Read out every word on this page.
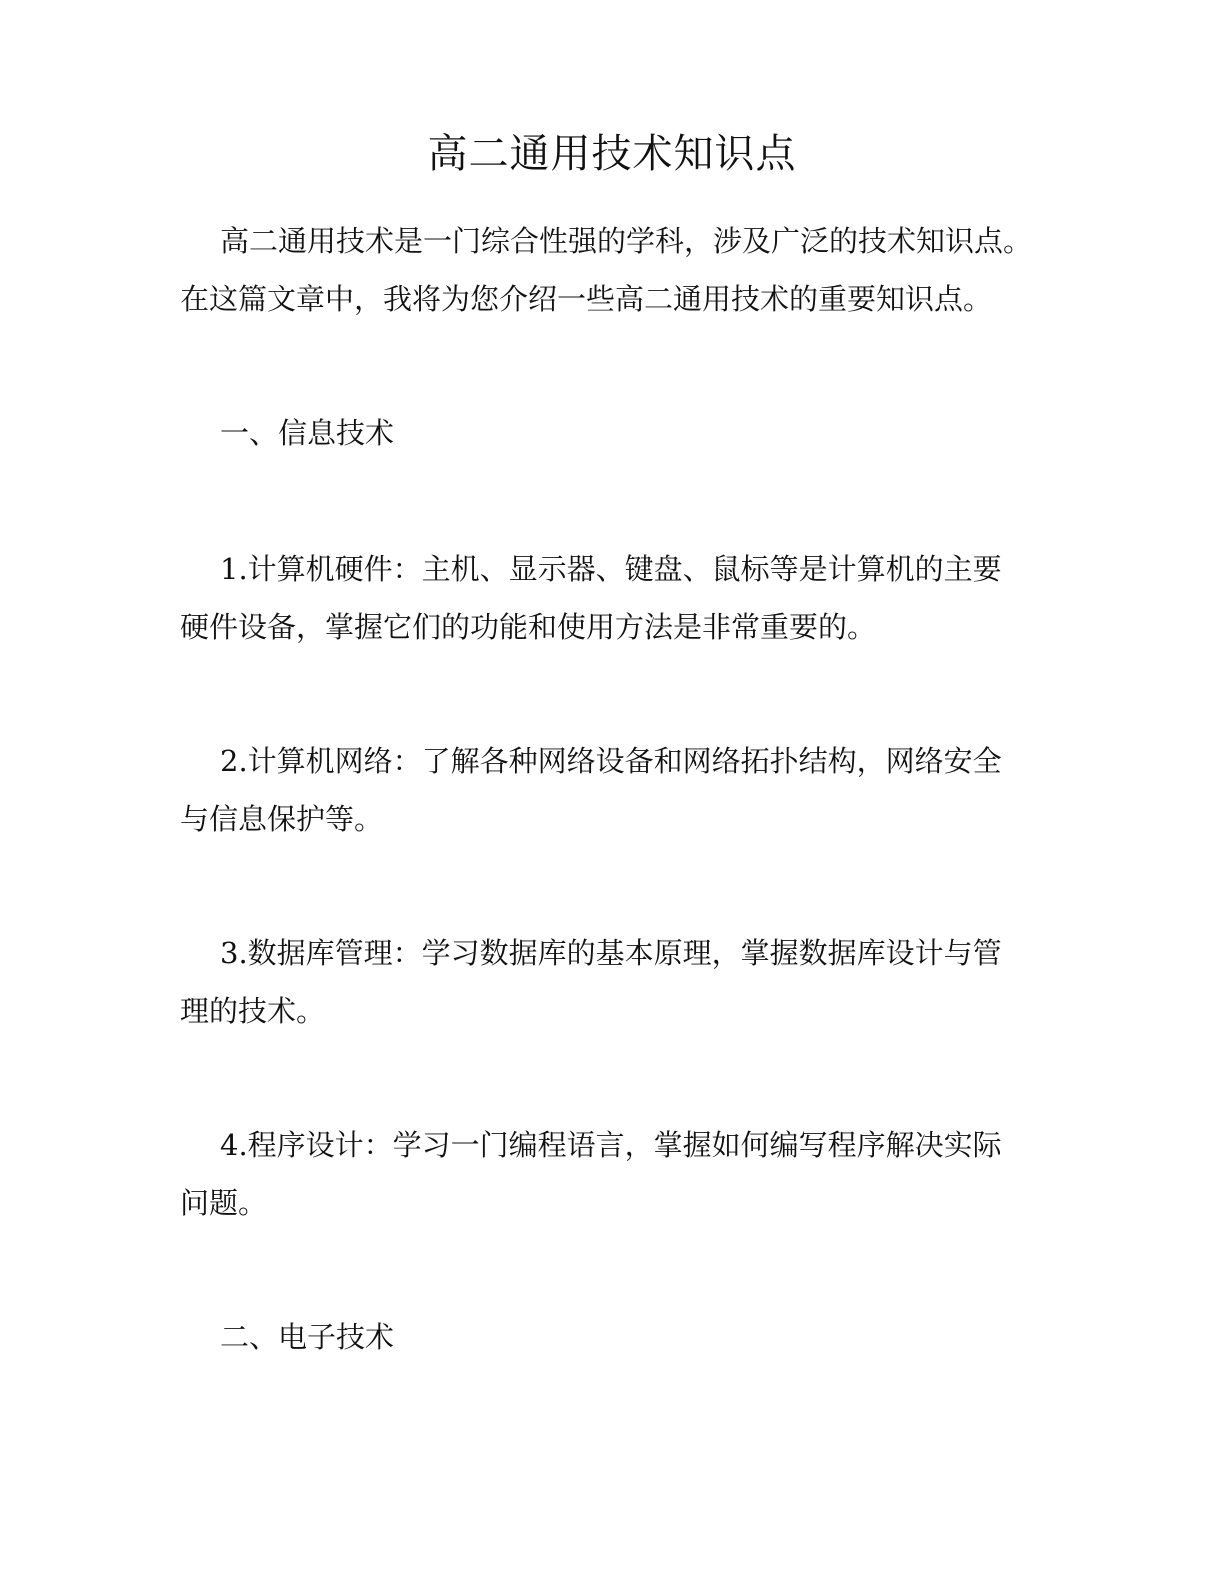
高二通用技术知识点
高二通用技术是一门综合性强的学科，涉及广泛的技术知识点。
在这篇文章中，我将为您介绍一些高二通用技术的重要知识点。
一、信息技术
1.计算机硬件：主机、显示器、键盘、鼠标等是计算机的主要
硬件设备，掌握它们的功能和使用方法是非常重要的。
2.计算机网络：了解各种网络设备和网络拓扑结构，网络安全
与信息保护等。
3.数据库管理：学习数据库的基本原理，掌握数据库设计与管
理的技术。
4.程序设计：学习一门编程语言，掌握如何编写程序解决实际
问题。
二、电子技术
